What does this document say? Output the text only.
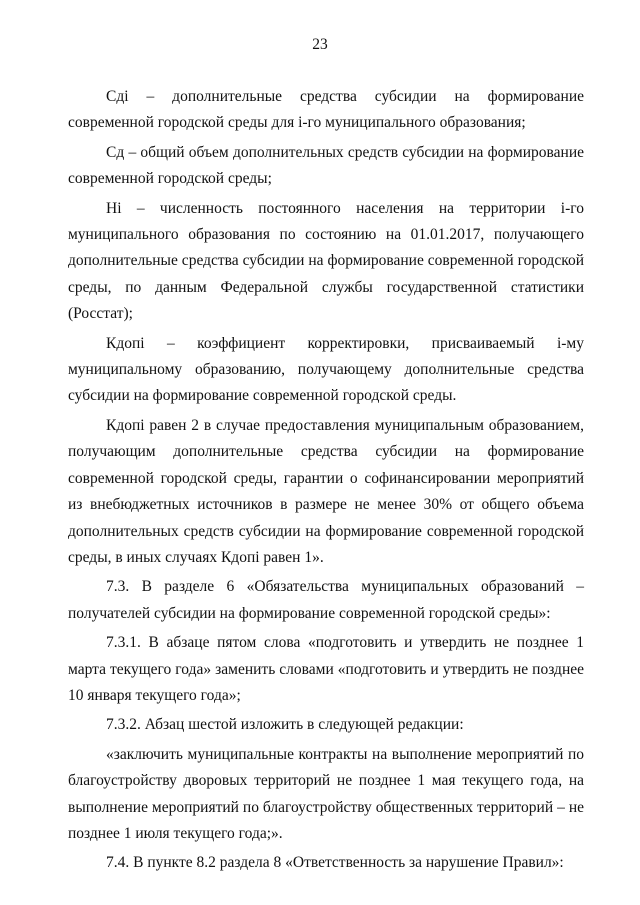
23

Сдi – дополнительные средства субсидии на формирование современной городской среды для i-го муниципального образования;

Сд – общий объем дополнительных средств субсидии на формирование современной городской среды;

Нi – численность постоянного населения на территории i-го муниципального образования по состоянию на 01.01.2017, получающего дополнительные средства субсидии на формирование современной городской среды, по данным Федеральной службы государственной статистики (Росстат);

Кдопi – коэффициент корректировки, присваиваемый i-му муниципальному образованию, получающему дополнительные средства субсидии на формирование современной городской среды.

Кдопi равен 2 в случае предоставления муниципальным образованием, получающим дополнительные средства субсидии на формирование современной городской среды, гарантии о софинансировании мероприятий из внебюджетных источников в размере не менее 30% от общего объема дополнительных средств субсидии на формирование современной городской среды, в иных случаях Кдопi равен 1».

7.3. В разделе 6 «Обязательства муниципальных образований – получателей субсидии на формирование современной городской среды»:

7.3.1. В абзаце пятом слова «подготовить и утвердить не позднее 1 марта текущего года» заменить словами «подготовить и утвердить не позднее 10 января текущего года»;

7.3.2. Абзац шестой изложить в следующей редакции:

«заключить муниципальные контракты на выполнение мероприятий по благоустройству дворовых территорий не позднее 1 мая текущего года, на выполнение мероприятий по благоустройству общественных территорий – не позднее 1 июля текущего года;».

7.4. В пункте 8.2 раздела 8 «Ответственность за нарушение Правил»:
